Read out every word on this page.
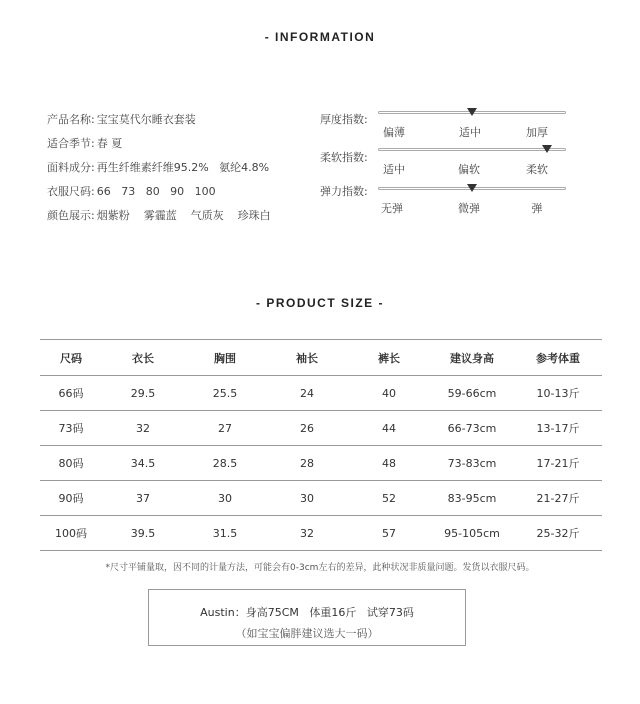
- INFORMATION
产品名称: 宝宝莫代尔睡衣套装
适合季节: 春 夏
面料成分: 再生纤维素纤维95.2%   氨纶4.8%
衣服尺码: 66   73   80   90   100
颜色展示: 烟紫粉    雾霾蓝    气质灰    珍珠白
厚度指数:
偏薄	适中	加厚
柔软指数:
适中	偏软	柔软
弹力指数:
无弹	微弹	弹
- PRODUCT SIZE -
尺码	衣长	胸围	袖长	裤长	建议身高	参考体重
66码	29.5	25.5	24	40	59-66cm	10-13斤
73码	32	27	26	44	66-73cm	13-17斤
80码	34.5	28.5	28	48	73-83cm	17-21斤
90码	37	30	30	52	83-95cm	21-27斤
100码	39.5	31.5	32	57	95-105cm	25-32斤
*尺寸平铺量取，因不同的计量方法，可能会有0-3cm左右的差异，此种状况非质量问题。发货以衣服尺码。
Austin：身高75CM   体重16斤   试穿73码
（如宝宝偏胖建议选大一码）
